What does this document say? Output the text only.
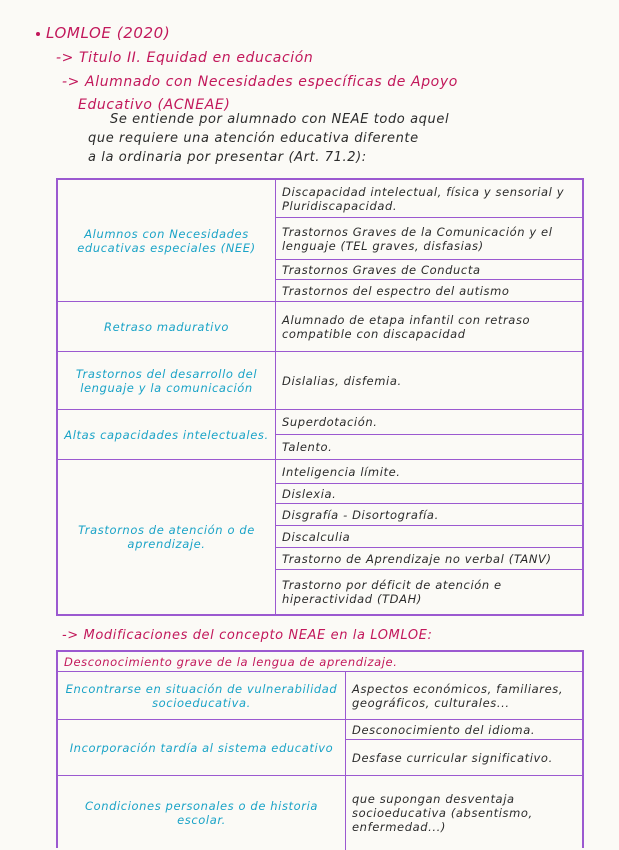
LOMLOE (2020)
-> Titulo II. Equidad en educación
-> Alumnado con Necesidades específicas de Apoyo
Educativo (ACNEAE)
Se entiende por alumnado con NEAE todo aquel
que requiere una atención educativa diferente
a la ordinaria por presentar (Art. 71.2):
Alumnos con Necesidades educativas especiales (NEE)
Retraso madurativo
Trastornos del desarrollo del lenguaje y la comunicación
Altas capacidades intelectuales.
Trastornos de atención o de aprendizaje.
Discapacidad intelectual, física y sensorial y Pluridiscapacidad.
Trastornos Graves de la Comunicación y el lenguaje (TEL graves, disfasias)
Trastornos Graves de Conducta
Trastornos del espectro del autismo
Alumnado de etapa infantil con retraso compatible con discapacidad
Dislalias, disfemia.
Superdotación.
Talento.
Inteligencia límite.
Dislexia.
Disgrafía - Disortografía.
Discalculia
Trastorno de Aprendizaje no verbal (TANV)
Trastorno por déficit de atención e hiperactividad (TDAH)
-> Modificaciones del concepto NEAE en la LOMLOE:
Desconocimiento grave de la lengua de aprendizaje.
Encontrarse en situación de vulnerabilidad socioeducativa.
Incorporación tardía al sistema educativo
Condiciones personales o de historia escolar.
Aspectos económicos, familiares, geográficos, culturales...
Desconocimiento del idioma.
Desfase curricular significativo.
que supongan desventaja socioeducativa (absentismo, enfermedad...)
